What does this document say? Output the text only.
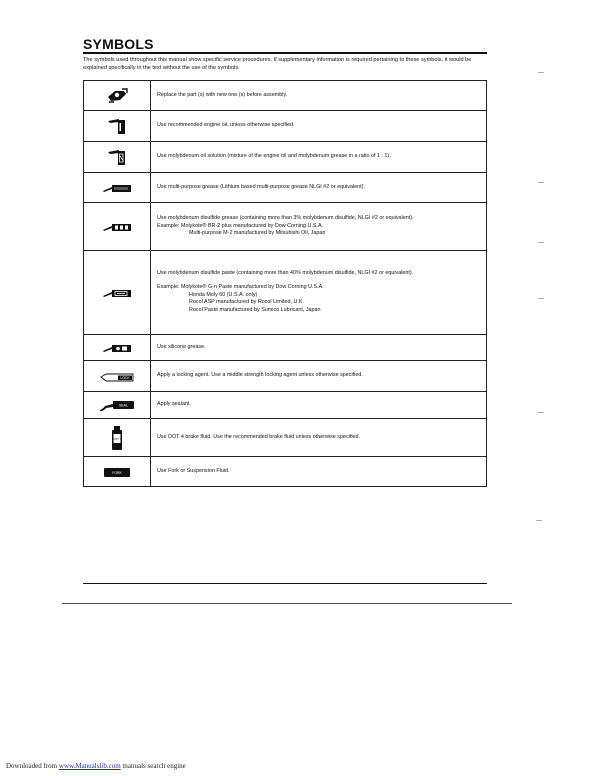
SYMBOLS

The symbols used throughout this manual show specific service procedures. If supplementary information is required pertaining to these symbols, it would be explained specifically in the text without the use of the symbols.

Replace the part (s) with new one (s) before assembly.

Use recommended engine oil, unless otherwise specified.

Use molybdenum oil solution (mixture of the engine oil and molybdenum grease in a ratio of 1 : 1).

Use multi-purpose grease (Lithium based multi-purpose grease NLGI #2 or equivalent).

Use molybdenum disulfide grease (containing more than 3% molybdenum disulfide, NLGI #2 or equivalent).
Example: Molykote® BR-2 plus manufactured by Dow Corning U.S.A.
Multi-purpose M-2 manufactured by Mitsubishi Oil, Japan

Use molybdenum disulfide paste (containing more than 40% molybdenum disulfide, NLGI #2 or equivalent).
Example: Molykote® G-n Paste manufactured by Dow Corning U.S.A.
Honda Moly 60 (U.S.A. only)
Rocol ASP manufactured by Rocol Limited, U.K.
Rocol Paste manufactured by Sumico Lubricant, Japan

Use silicone grease.

LOCK	Apply a locking agent. Use a middle strength locking agent unless otherwise specified.

SEAL	Apply sealant.

DOT 4	Use DOT 4 brake fluid. Use the recommended brake fluid unless otherwise specified.

FORK	Use Fork or Suspension Fluid.
Downloaded from www.Manualslib.com manuals search engine
